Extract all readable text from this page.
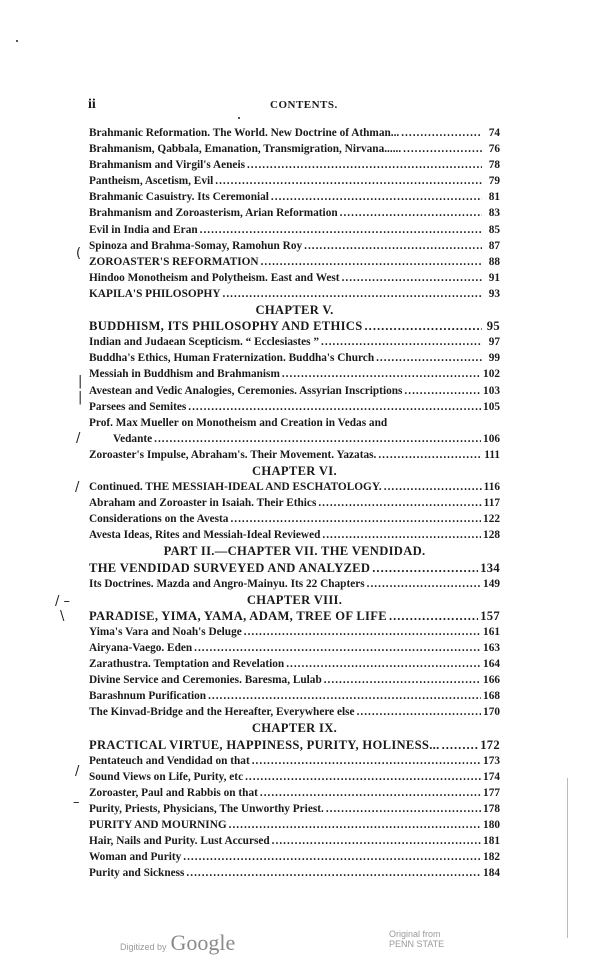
ii	CONTENTS.
Brahmanic Reformation. The World. New Doctrine of Athman... .....	74
Brahmanism, Qabbala, Emanation, Transmigration, Nirvana...... .....	76
Brahmanism and Virgil's Aeneis .....	78
Pantheism, Ascetism, Evil .....	79
Brahmanic Casuistry. Its Ceremonial .....	81
Brahmanism and Zoroasterism, Arian Reformation .....	83
Evil in India and Eran .....	85
Spinoza and Brahma-Somay, Ramohun Roy .....	87
ZOROASTER'S REFORMATION .....	88
Hindoo Monotheism and Polytheism. East and West .....	91
KAPILA'S PHILOSOPHY .....	93
CHAPTER V.
BUDDHISM, ITS PHILOSOPHY AND ETHICS .....	95
Indian and Judaean Scepticism. “ Ecclesiastes ” .....	97
Buddha's Ethics, Human Fraternization. Buddha's Church .....	99
Messiah in Buddhism and Brahmanism .....	102
Avestean and Vedic Analogies, Ceremonies. Assyrian Inscriptions .....	103
Parsees and Semites .....	105
Prof. Max Mueller on Monotheism and Creation in Vedas and
Vedante .....	106
Zoroaster's Impulse, Abraham's. Their Movement. Yazatas. .....	111
CHAPTER VI.
Continued. THE MESSIAH-IDEAL AND ESCHATOLOGY. .....	116
Abraham and Zoroaster in Isaiah. Their Ethics .....	117
Considerations on the Avesta .....	122
Avesta Ideas, Rites and Messiah-Ideal Reviewed .....	128
PART II.—CHAPTER VII. THE VENDIDAD.
THE VENDIDAD SURVEYED AND ANALYZED .....	134
Its Doctrines. Mazda and Angro-Mainyu. Its 22 Chapters .....	149
CHAPTER VIII.
PARADISE, YIMA, YAMA, ADAM, TREE OF LIFE .....	157
Yima's Vara and Noah's Deluge .....	161
Airyana-Vaego. Eden .....	163
Zarathustra. Temptation and Revelation .....	164
Divine Service and Ceremonies. Baresma, Lulab .....	166
Barashnum Purification .....	168
The Kinvad-Bridge and the Hereafter, Everywhere else .....	170
CHAPTER IX.
PRACTICAL VIRTUE, HAPPINESS, PURITY, HOLINESS... .....	172
Pentateuch and Vendidad on that .....	173
Sound Views on Life, Purity, etc .....	174
Zoroaster, Paul and Rabbis on that .....	177
Purity, Priests, Physicians, The Unworthy Priest. .....	178
PURITY AND MOURNING .....	180
Hair, Nails and Purity. Lust Accursed .....	181
Woman and Purity .....	182
Purity and Sickness .....	184
(
|
|
/
/
/ –
\
/
–
Digitized by Google	Original from
PENN STATE
